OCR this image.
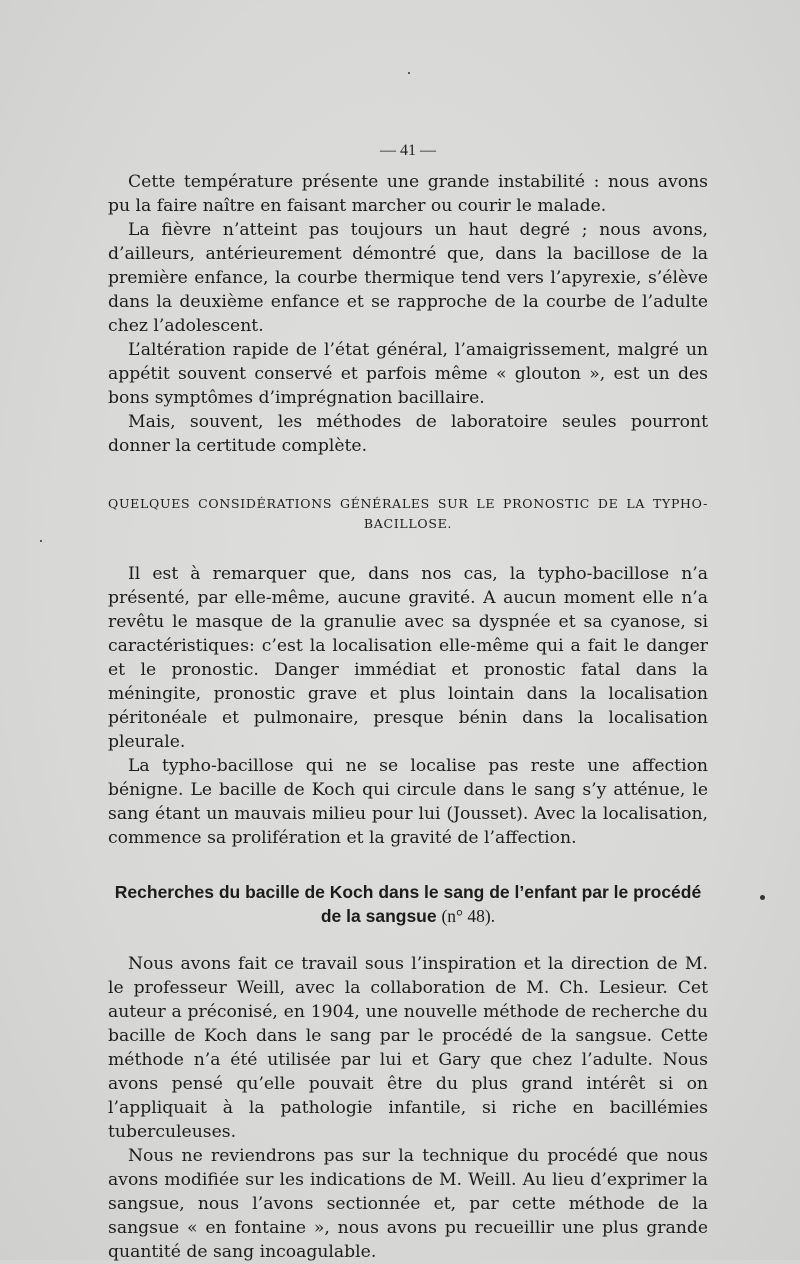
— 41 —

Cette température présente une grande instabilité : nous avons pu la faire naître en faisant marcher ou courir le malade.

La fièvre n’atteint pas toujours un haut degré ; nous avons, d’ailleurs, antérieurement démontré que, dans la bacillose de la première enfance, la courbe thermique tend vers l’apyrexie, s’élève dans la deuxième enfance et se rapproche de la courbe de l’adulte chez l’adolescent.

L’altération rapide de l’état général, l’amaigrissement, malgré un appétit souvent conservé et parfois même « glouton », est un des bons symptômes d’imprégnation bacillaire.

Mais, souvent, les méthodes de laboratoire seules pourront donner la certitude complète.

QUELQUES CONSIDÉRATIONS GÉNÉRALES SUR LE PRONOSTIC DE LA TYPHO-
BACILLOSE.

Il est à remarquer que, dans nos cas, la typho-bacillose n’a présenté, par elle-même, aucune gravité. A aucun moment elle n’a revêtu le masque de la granulie avec sa dyspnée et sa cyanose, si caractéristiques: c’est la localisation elle-même qui a fait le danger et le pronostic. Danger immédiat et pronostic fatal dans la méningite, pronostic grave et plus lointain dans la localisation péritonéale et pulmonaire, presque bénin dans la localisation pleurale.

La typho-bacillose qui ne se localise pas reste une affection bénigne. Le bacille de Koch qui circule dans le sang s’y atténue, le sang étant un mauvais milieu pour lui (Jousset). Avec la localisation, commence sa prolifération et la gravité de l’affection.

Recherches du bacille de Koch dans le sang de l’enfant par le procédé de la sangsue (n° 48).

Nous avons fait ce travail sous l’inspiration et la direction de M. le professeur Weill, avec la collaboration de M. Ch. Lesieur. Cet auteur a préconisé, en 1904, une nouvelle méthode de recherche du bacille de Koch dans le sang par le procédé de la sangsue. Cette méthode n’a été utilisée par lui et Gary que chez l’adulte. Nous avons pensé qu’elle pouvait être du plus grand intérêt si on l’appliquait à la pathologie infantile, si riche en bacillémies tuberculeuses.

Nous ne reviendrons pas sur la technique du procédé que nous avons modifiée sur les indications de M. Weill. Au lieu d’exprimer la sangsue, nous l’avons sectionnée et, par cette méthode de la sangsue « en fontaine », nous avons pu recueillir une plus grande quantité de sang incoagulable.
